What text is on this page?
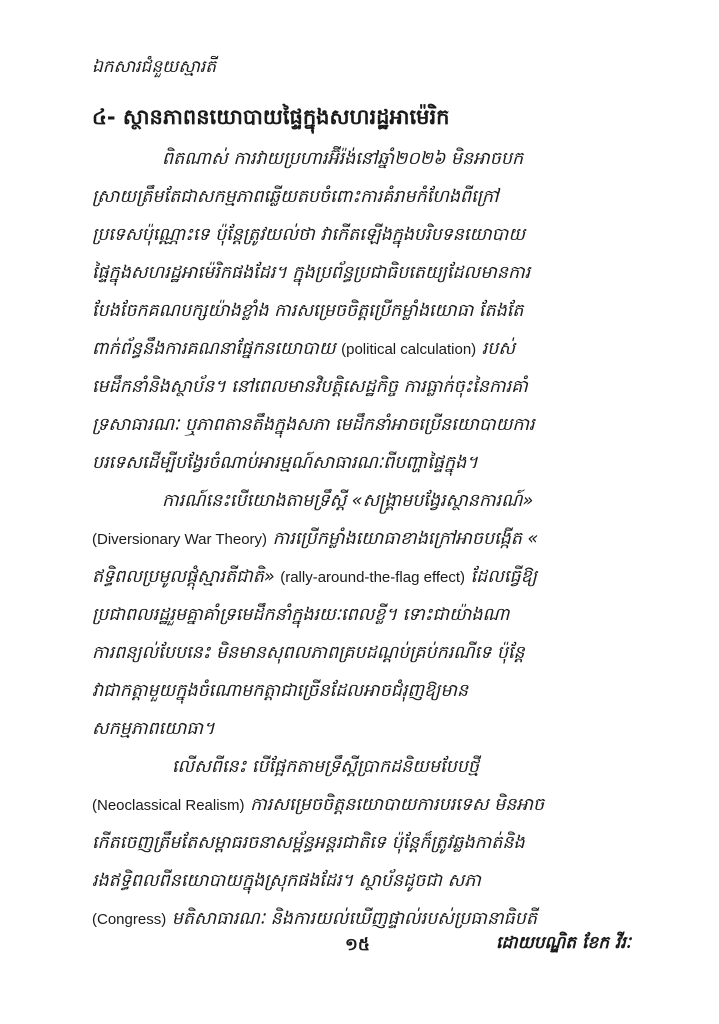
ឯកសារជំនួយស្មារតី
៤- ស្ថានភាពនយោបាយផ្ទៃក្នុងសហរដ្ឋអាម៉េរិក
ពិតណាស់ ការវាយប្រហារអ៊ីរ៉ង់នៅឆ្នាំ២០២៦ មិនអាចបក
ស្រាយត្រឹមតែជាសកម្មភាពឆ្លើយតបចំពោះការគំរាមកំហែងពីក្រៅ
ប្រទេសប៉ុណ្ណោះទេ ប៉ុន្តែត្រូវយល់ថា វាកើតឡើងក្នុងបរិបទនយោបាយ
ផ្ទៃក្នុងសហរដ្ឋអាម៉េរិកផងដែរ។ ក្នុងប្រព័ន្ធប្រជាធិបតេយ្យដែលមានការ
បែងចែកគណបក្សយ៉ាងខ្លាំង ការសម្រេចចិត្តប្រើកម្លាំងយោធា តែងតែ
ពាក់ព័ន្ធនឹងការគណនាផ្នែកនយោបាយ (political calculation) របស់
មេដឹកនាំនិងស្ថាប័ន។ នៅពេលមានវិបត្តិសេដ្ឋកិច្ច ការធ្លាក់ចុះនៃការគាំ
ទ្រសាធារណៈ ឬភាពតានតឹងក្នុងសភា មេដឹកនាំអាចប្រើនយោបាយការ
បរទេសដើម្បីបង្វែរចំណាប់អារម្មណ៍សាធារណៈពីបញ្ហាផ្ទៃក្នុង។
ការណ៍នេះបើយោងតាមទ្រឹស្តី «សង្គ្រាមបង្វែរស្ថានការណ៍»
(Diversionary War Theory) ការប្រើកម្លាំងយោធាខាងក្រៅអាចបង្កើត «
ឥទ្ធិពលប្រមូលផ្តុំស្មារតីជាតិ» (rally-around-the-flag effect) ដែលធ្វើឱ្យ
ប្រជាពលរដ្ឋរួមគ្នាគាំទ្រមេដឹកនាំក្នុងរយៈពេលខ្លី។ ទោះជាយ៉ាងណា
ការពន្យល់បែបនេះ មិនមានសុពលភាពគ្របដណ្តប់គ្រប់ករណីទេ ប៉ុន្តែ
វាជាកត្តាមួយក្នុងចំណោមកត្តាជាច្រើនដែលអាចជំរុញឱ្យមាន
សកម្មភាពយោធា។
លើសពីនេះ បើផ្អែកតាមទ្រឹស្តីប្រាកដនិយមបែបថ្មី
(Neoclassical Realism) ការសម្រេចចិត្តនយោបាយការបរទេស មិនអាច
កើតចេញត្រឹមតែសម្ពាធរចនាសម្ព័ន្ធអន្តរជាតិទេ ប៉ុន្តែក៏ត្រូវឆ្លងកាត់និង
រងឥទ្ធិពលពីនយោបាយក្នុងស្រុកផងដែរ។ ស្ថាប័នដូចជា សភា
(Congress) មតិសាធារណៈ និងការយល់ឃើញផ្ទាល់របស់ប្រធានាធិបតី
១៥	ដោយបណ្ឌិត ខែក វីរៈ
